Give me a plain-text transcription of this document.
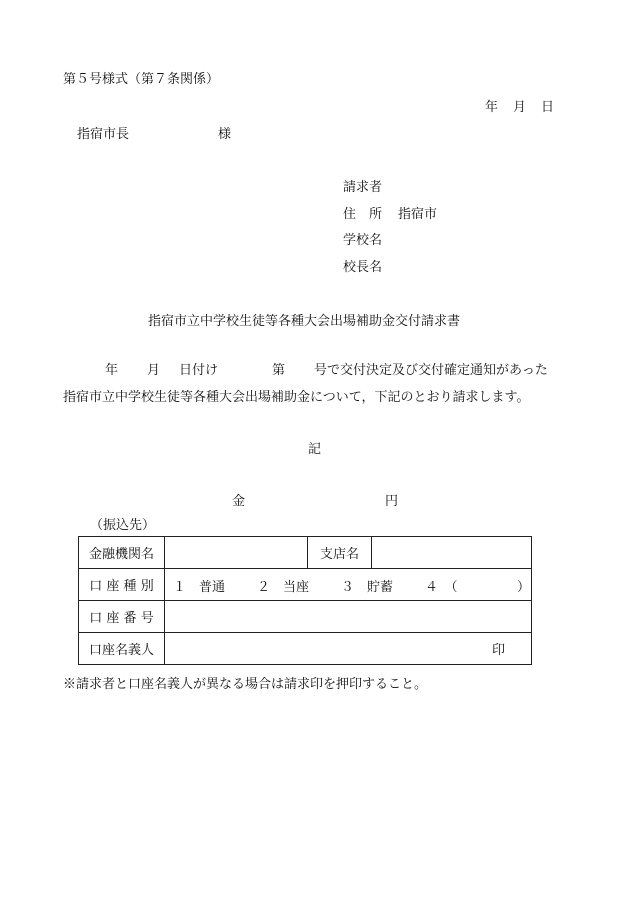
第５号様式（第７条関係）
年 月 日
指宿市長	様
請求者
住　所 指宿市
学校名
校長名
指宿市立中学校生徒等各種大会出場補助金交付請求書
年 月 日付け	第 号で交付決定及び交付確定通知があった
指宿市立中学校生徒等各種大会出場補助金について，下記のとおり請求します。
記
金	円
（振込先）
金融機関名		支店名	
口 座 種 別	１　普通 ２　当座 ３　貯蓄 ４　（ ）		

口 座 番 号			
口座名義人	印		
※請求者と口座名義人が異なる場合は請求印を押印すること。
